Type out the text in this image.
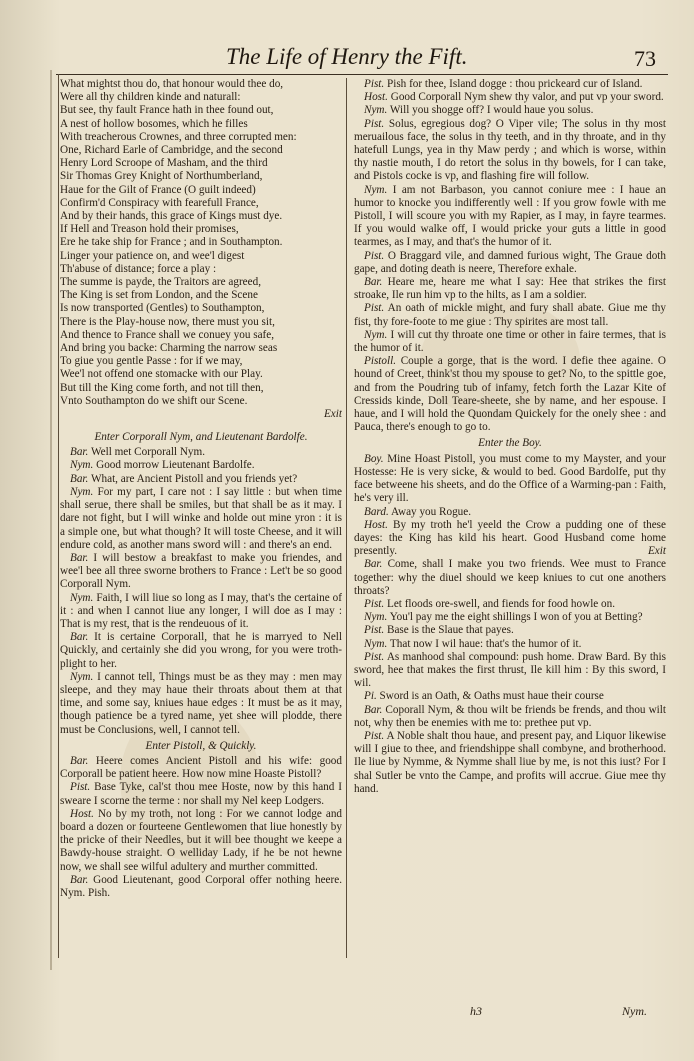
The Life of Henry the Fift.	73
What mightst thou do, that honour would thee do,
Were all thy children kinde and naturall:
But see, thy fault France hath in thee found out,
A nest of hollow bosomes, which he filles
With treacherous Crownes, and three corrupted men:
One, Richard Earle of Cambridge, and the second
Henry Lord Scroope of Masham, and the third
Sir Thomas Grey Knight of Northumberland,
Haue for the Gilt of France (O guilt indeed)
Confirm'd Conspiracy with fearefull France,
And by their hands, this grace of Kings must dye.
If Hell and Treason hold their promises,
Ere he take ship for France ; and in Southampton.
Linger your patience on, and wee'l digest
Th'abuse of distance; force a play :
The summe is payde, the Traitors are agreed,
The King is set from London, and the Scene
Is now transported (Gentles) to Southampton,
There is the Play-house now, there must you sit,
And thence to France shall we conuey you safe,
And bring you backe: Charming the narrow seas
To giue you gentle Passe : for if we may,
Wee'l not offend one stomacke with our Play.
But till the King come forth, and not till then,
Vnto Southampton do we shift our Scene.
Exit
Enter Corporall Nym, and Lieutenant Bardolfe.

Bar. Well met Corporall Nym.

Nym. Good morrow Lieutenant Bardolfe.

Bar. What, are Ancient Pistoll and you friends yet?

Nym. For my part, I care not : I say little : but when time shall serue, there shall be smiles, but that shall be as it may. I dare not fight, but I will winke and holde out mine yron : it is a simple one, but what though? It will toste Cheese, and it will endure cold, as another mans sword will : and there's an end.

Bar. I will bestow a breakfast to make you friendes, and wee'l bee all three sworne brothers to France : Let't be so good Corporall Nym.

Nym. Faith, I will liue so long as I may, that's the certaine of it : and when I cannot liue any longer, I will doe as I may : That is my rest, that is the rendeuous of it.

Bar. It is certaine Corporall, that he is marryed to Nell Quickly, and certainly she did you wrong, for you were troth-plight to her.

Nym. I cannot tell, Things must be as they may : men may sleepe, and they may haue their throats about them at that time, and some say, kniues haue edges : It must be as it may, though patience be a tyred name, yet shee will plodde, there must be Conclusions, well, I cannot tell.

Enter Pistoll, & Quickly.

Bar. Heere comes Ancient Pistoll and his wife: good Corporall be patient heere. How now mine Hoaste Pistoll?

Pist. Base Tyke, cal'st thou mee Hoste, now by this hand I sweare I scorne the terme : nor shall my Nel keep Lodgers.

Host. No by my troth, not long : For we cannot lodge and board a dozen or fourteene Gentlewomen that liue honestly by the pricke of their Needles, but it will bee thought we keepe a Bawdy-house straight. O welliday Lady, if he be not hewne now, we shall see wilful adultery and murther committed.

Bar. Good Lieutenant, good Corporal offer nothing heere. Nym. Pish.

Pist. Pish for thee, Island dogge : thou prickeard cur of Island.

Host. Good Corporall Nym shew thy valor, and put vp your sword.

Nym. Will you shogge off? I would haue you solus.

Pist. Solus, egregious dog? O Viper vile; The solus in thy most meruailous face, the solus in thy teeth, and in thy throate, and in thy hatefull Lungs, yea in thy Maw perdy ; and which is worse, within thy nastie mouth, I do retort the solus in thy bowels, for I can take, and Pistols cocke is vp, and flashing fire will follow.

Nym. I am not Barbason, you cannot coniure mee : I haue an humor to knocke you indifferently well : If you grow fowle with me Pistoll, I will scoure you with my Rapier, as I may, in fayre tearmes. If you would walke off, I would pricke your guts a little in good tearmes, as I may, and that's the humor of it.

Pist. O Braggard vile, and damned furious wight, The Graue doth gape, and doting death is neere, Therefore exhale.

Bar. Heare me, heare me what I say: Hee that strikes the first stroake, Ile run him vp to the hilts, as I am a soldier.

Pist. An oath of mickle might, and fury shall abate. Giue me thy fist, thy fore-foote to me giue : Thy spirites are most tall.

Nym. I will cut thy throate one time or other in faire termes, that is the humor of it.

Pistoll. Couple a gorge, that is the word. I defie thee againe. O hound of Creet, think'st thou my spouse to get? No, to the spittle goe, and from the Poudring tub of infamy, fetch forth the Lazar Kite of Cressids kinde, Doll Teare-sheete, she by name, and her espouse. I haue, and I will hold the Quondam Quickely for the onely shee : and Pauca, there's enough to go to.

Enter the Boy.

Boy. Mine Hoast Pistoll, you must come to my Mayster, and your Hostesse: He is very sicke, & would to bed. Good Bardolfe, put thy face betweene his sheets, and do the Office of a Warming-pan : Faith, he's very ill.

Bard. Away you Rogue.

Host. By my troth he'l yeeld the Crow a pudding one of these dayes: the King has kild his heart. Good Husband come home presently.	Exit

Bar. Come, shall I make you two friends. Wee must to France together: why the diuel should we keep kniues to cut one anothers throats?

Pist. Let floods ore-swell, and fiends for food howle on.

Nym. You'l pay me the eight shillings I won of you at Betting?

Pist. Base is the Slaue that payes.

Nym. That now I wil haue: that's the humor of it.

Pist. As manhood shal compound: push home. Draw Bard. By this sword, hee that makes the first thrust, Ile kill him : By this sword, I wil.

Pi. Sword is an Oath, & Oaths must haue their course

Bar. Coporall Nym, & thou wilt be friends be frends, and thou wilt not, why then be enemies with me to: prethee put vp.

Pist. A Noble shalt thou haue, and present pay, and Liquor likewise will I giue to thee, and friendshippe shall combyne, and brotherhood. Ile liue by Nymme, & Nymme shall liue by me, is not this iust? For I shal Sutler be vnto the Campe, and profits will accrue. Giue mee thy hand.

h3	Nym.
